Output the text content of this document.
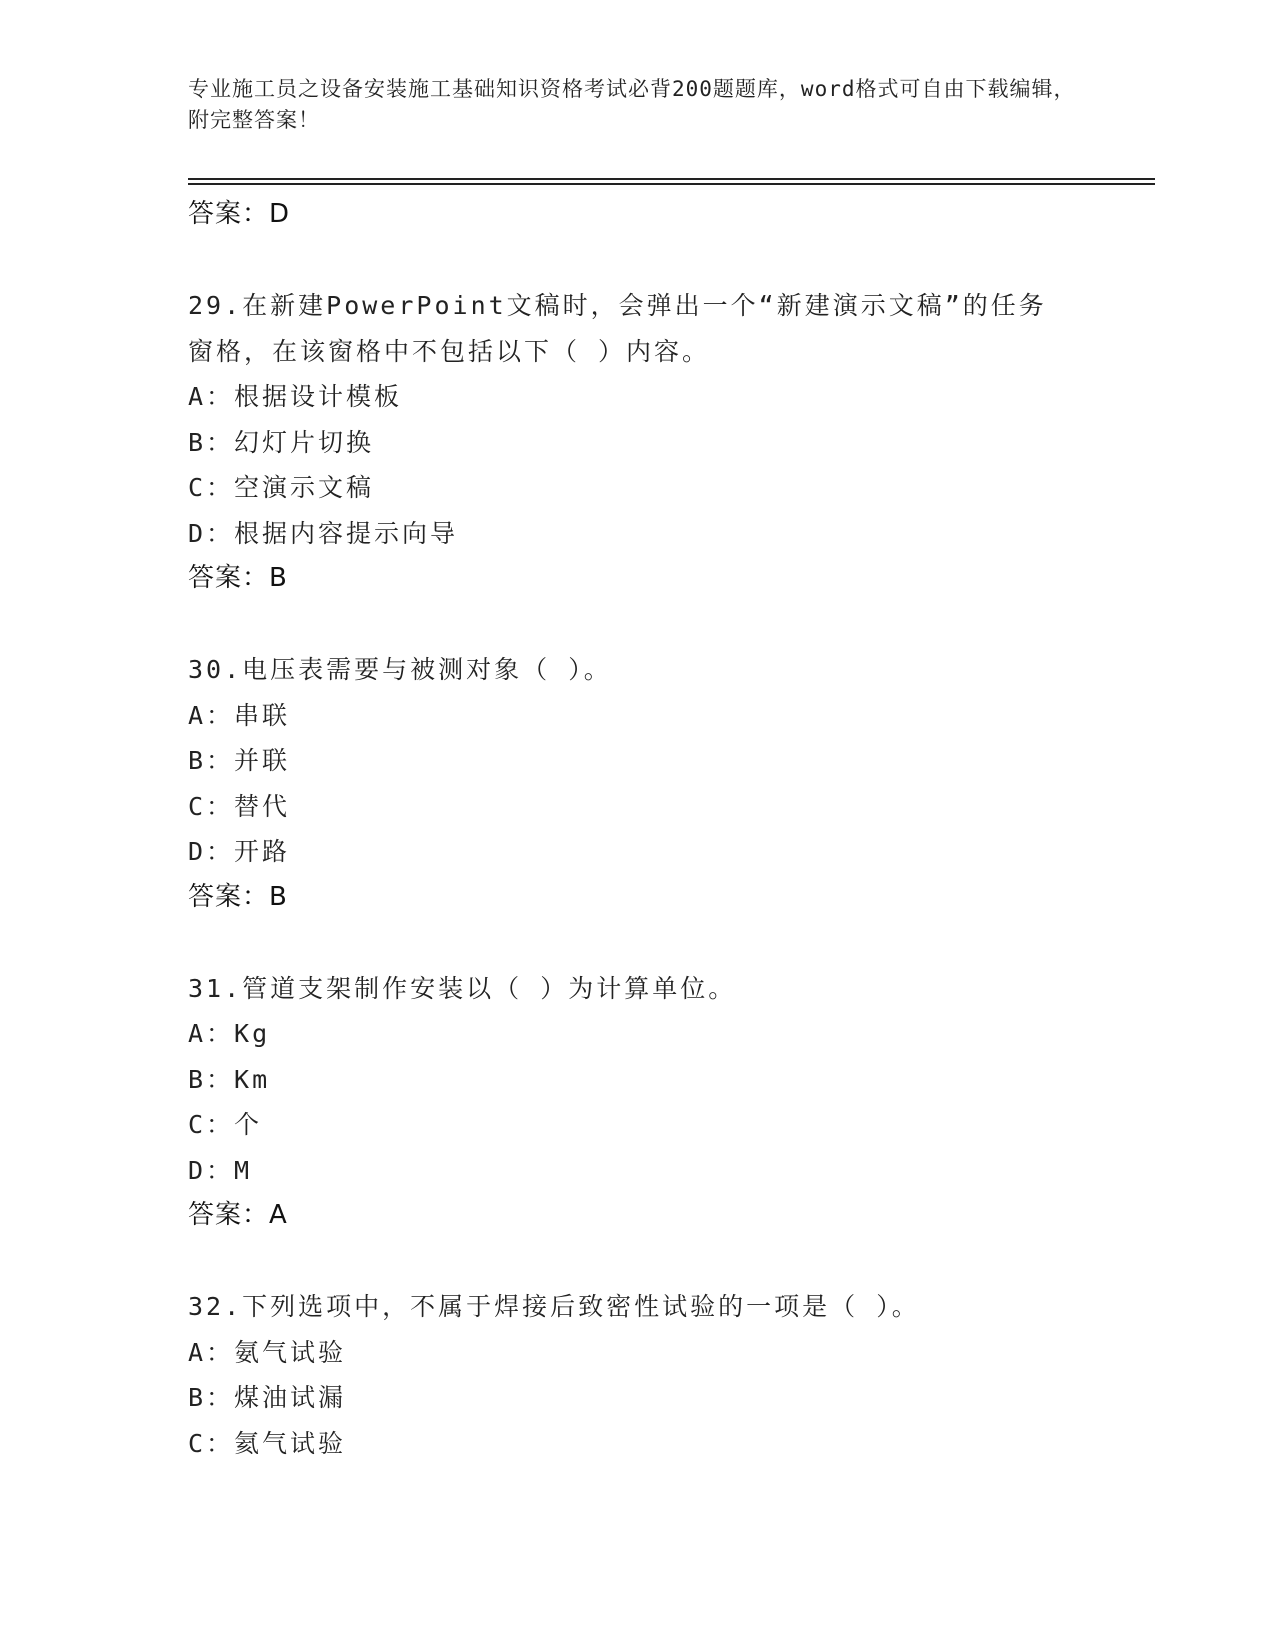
专业施工员之设备安装施工基础知识资格考试必背200题题库，word格式可自由下载编辑，附完整答案！
答案：D
29.在新建PowerPoint文稿时，会弹出一个“新建演示文稿”的任务窗格，在该窗格中不包括以下（ ）内容。
A：根据设计模板
B：幻灯片切换
C：空演示文稿
D：根据内容提示向导
答案：B
30.电压表需要与被测对象（ ）。
A：串联
B：并联
C：替代
D：开路
答案：B
31.管道支架制作安装以（ ）为计算单位。
A：Kg
B：Km
C：个
D：M
答案：A
32.下列选项中，不属于焊接后致密性试验的一项是（ ）。
A：氨气试验
B：煤油试漏
C：氦气试验
